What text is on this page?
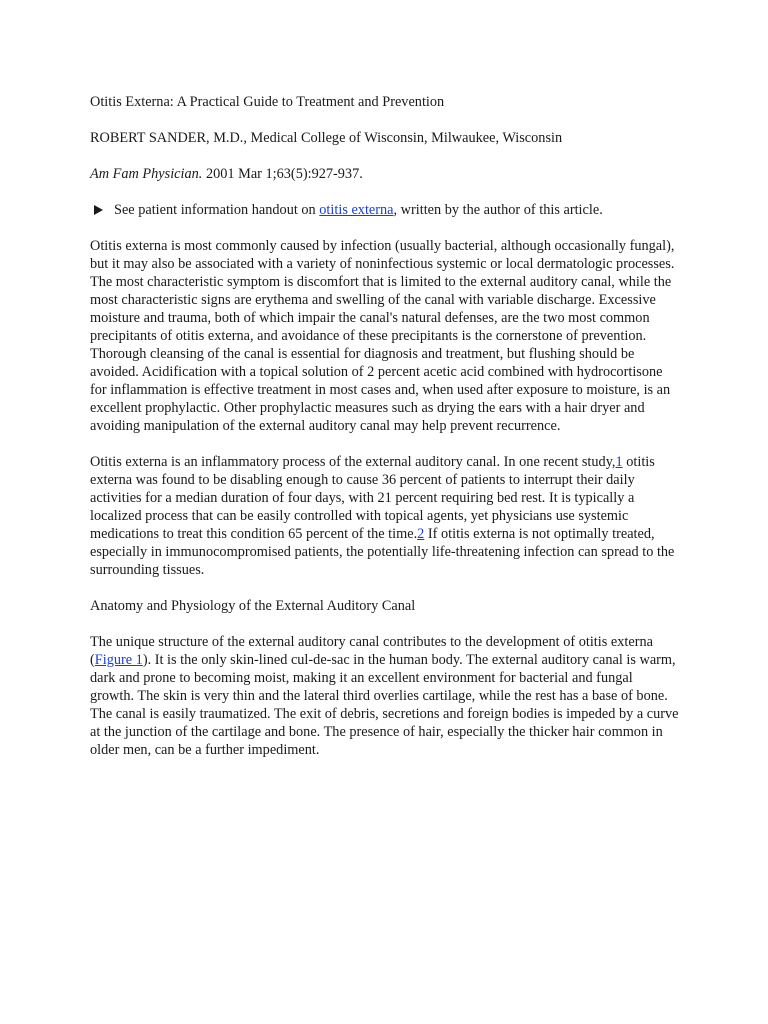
Otitis Externa: A Practical Guide to Treatment and Prevention

ROBERT SANDER, M.D., Medical College of Wisconsin, Milwaukee, Wisconsin

Am Fam Physician. 2001 Mar 1;63(5):927-937.

See patient information handout on otitis externa, written by the author of this article.

Otitis externa is most commonly caused by infection (usually bacterial, although occasionally fungal), but it may also be associated with a variety of noninfectious systemic or local dermatologic processes. The most characteristic symptom is discomfort that is limited to the external auditory canal, while the most characteristic signs are erythema and swelling of the canal with variable discharge. Excessive moisture and trauma, both of which impair the canal's natural defenses, are the two most common precipitants of otitis externa, and avoidance of these precipitants is the cornerstone of prevention. Thorough cleansing of the canal is essential for diagnosis and treatment, but flushing should be avoided. Acidification with a topical solution of 2 percent acetic acid combined with hydrocortisone for inflammation is effective treatment in most cases and, when used after exposure to moisture, is an excellent prophylactic. Other prophylactic measures such as drying the ears with a hair dryer and avoiding manipulation of the external auditory canal may help prevent recurrence.

Otitis externa is an inflammatory process of the external auditory canal. In one recent study,1 otitis externa was found to be disabling enough to cause 36 percent of patients to interrupt their daily activities for a median duration of four days, with 21 percent requiring bed rest. It is typically a localized process that can be easily controlled with topical agents, yet physicians use systemic medications to treat this condition 65 percent of the time.2 If otitis externa is not optimally treated, especially in immunocompromised patients, the potentially life-threatening infection can spread to the surrounding tissues.

Anatomy and Physiology of the External Auditory Canal

The unique structure of the external auditory canal contributes to the development of otitis externa (Figure 1). It is the only skin-lined cul-de-sac in the human body. The external auditory canal is warm, dark and prone to becoming moist, making it an excellent environment for bacterial and fungal growth. The skin is very thin and the lateral third overlies cartilage, while the rest has a base of bone. The canal is easily traumatized. The exit of debris, secretions and foreign bodies is impeded by a curve at the junction of the cartilage and bone. The presence of hair, especially the thicker hair common in older men, can be a further impediment.
